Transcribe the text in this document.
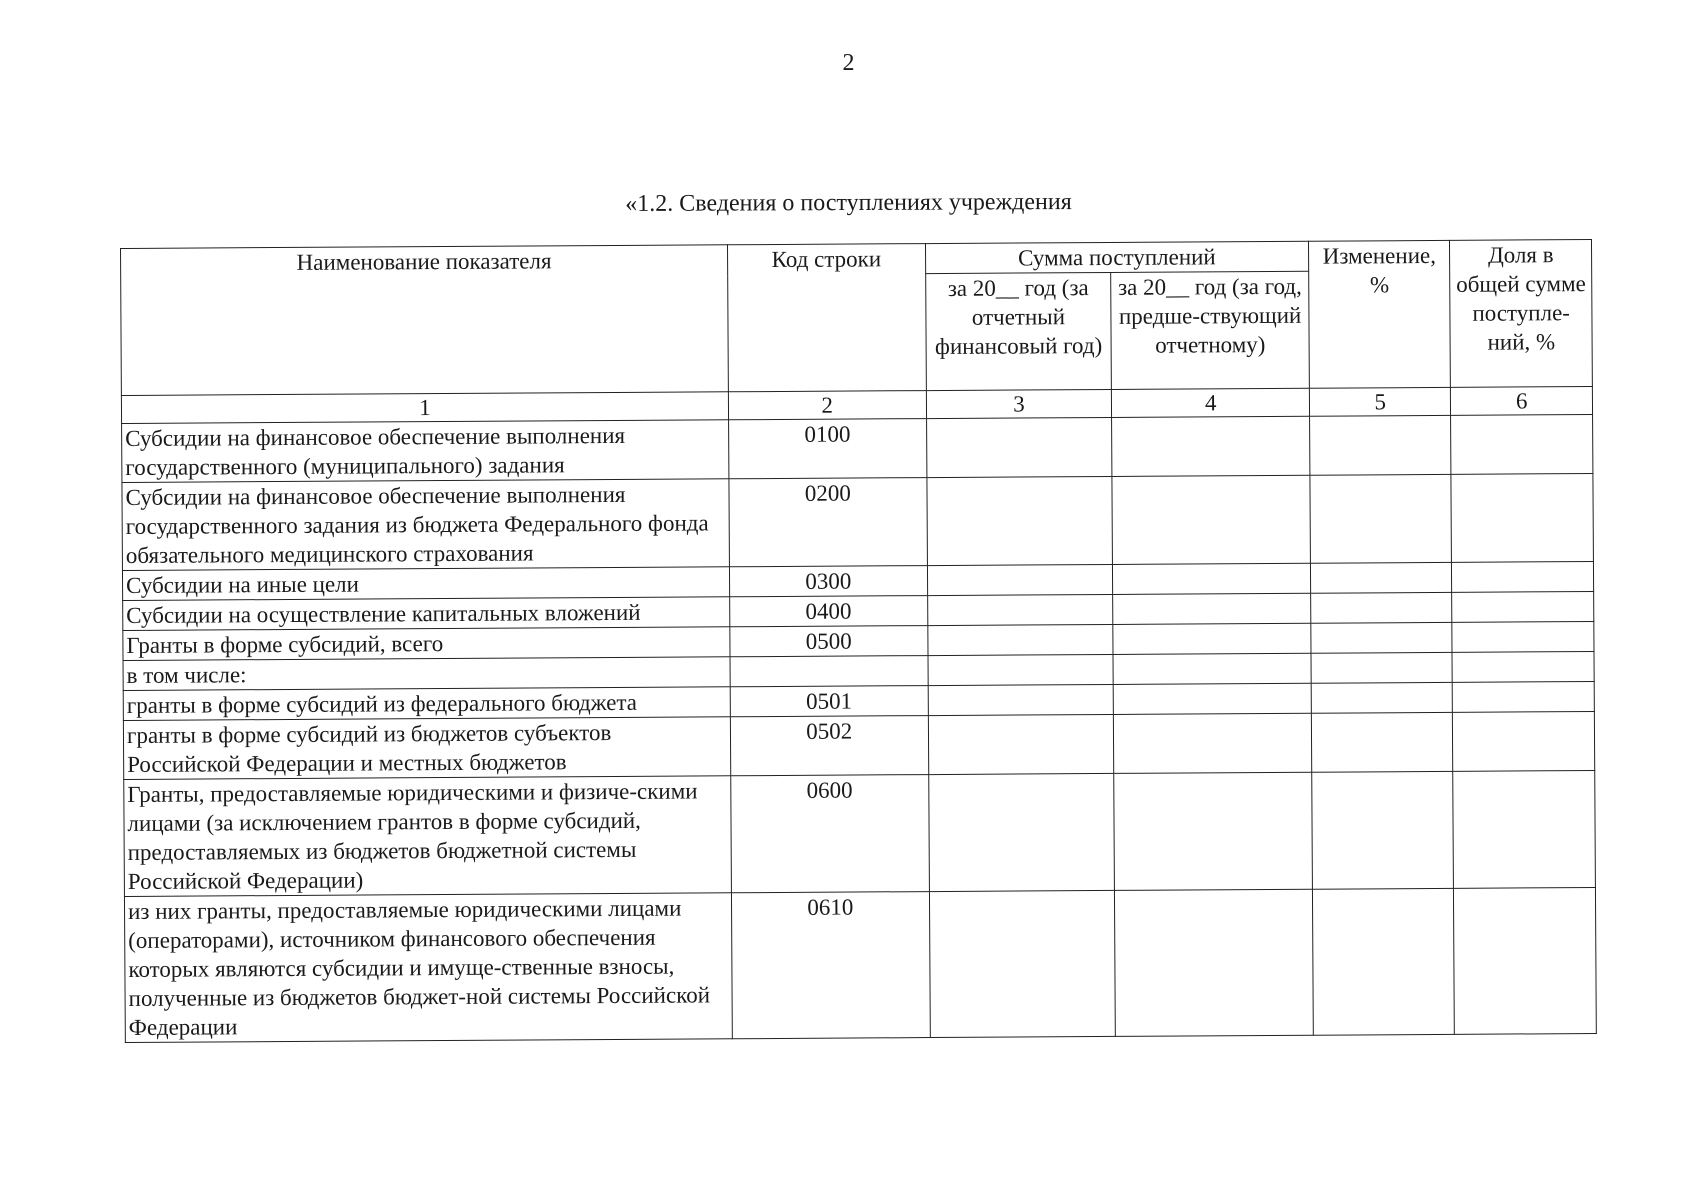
2
«1.2. Сведения о поступлениях учреждения
Наименование показателя	Код строки	Сумма поступлений		Изменение, %	Доля в общей сумме поступле-ний, %
		за 20__ год (за отчетный финансовый год)	за 20__ год (за год, предше-ствующий отчетному)		
1	2	3	4	5	6
Субсидии на финансовое обеспечение выполнения государственного (муниципального) задания	0100				
Субсидии на финансовое обеспечение выполнения государственного задания из бюджета Федерального фонда обязательного медицинского страхования	0200				
Субсидии на иные цели	0300				
Субсидии на осуществление капитальных вложений	0400				
Гранты в форме субсидий, всего	0500				
в том числе:					
гранты в форме субсидий из федерального бюджета	0501				
гранты в форме субсидий из бюджетов субъектов Российской Федерации и местных бюджетов	0502				
Гранты, предоставляемые юридическими и физиче-скими лицами (за исключением грантов в форме субсидий, предоставляемых из бюджетов бюджетной системы Российской Федерации)	0600				
из них гранты, предоставляемые юридическими лицами (операторами), источником финансового обеспечения которых являются субсидии и имуще-ственные взносы, полученные из бюджетов бюджет-ной системы Российской Федерации	0610				
